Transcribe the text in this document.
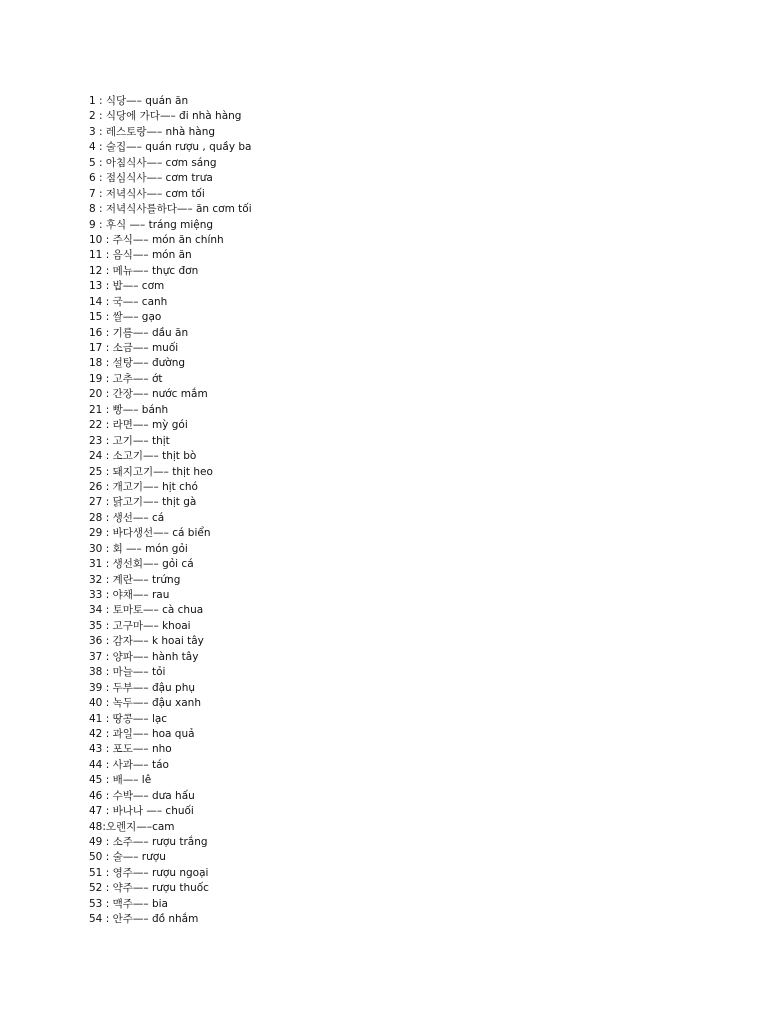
1 : 식당—– quán ăn
2 : 식당에 가다—– đi nhà hàng
3 : 레스토랑—– nhà hàng
4 : 술집—– quán rượu , quầy ba
5 : 아침식사—– cơm sáng
6 : 점심식사—– cơm trưa
7 : 저녁식사—– cơm tối
8 : 저녁식사를하다—– ăn cơm tối
9 : 후식 —– tráng miệng
10 : 주식—– món ăn chính
11 : 음식—– món ăn
12 : 메뉴—– thực đơn
13 : 밥—– cơm
14 : 국—– canh
15 : 쌀—– gạo
16 : 기름—– dầu ăn
17 : 소금—– muối
18 : 설탕—– đường
19 : 고추—– ớt
20 : 간장—– nước mắm
21 : 빵—– bánh
22 : 라면—– mỳ gói
23 : 고기—– thịt
24 : 소고기—– thịt bò
25 : 돼지고기—– thịt heo
26 : 개고기—– hịt chó
27 : 닭고기—– thịt gà
28 : 생선—– cá
29 : 바다생선—– cá biển
30 : 회 —– món gỏi
31 : 생선회—– gỏi cá
32 : 계란—– trứng
33 : 야채—– rau
34 : 토마토—– cà chua
35 : 고구마—– khoai
36 : 감자—– k hoai tây
37 : 양파—– hành tây
38 : 마늘—– tỏi
39 : 두부—– đậu phụ
40 : 녹두—– đậu xanh
41 : 땅콩—– lạc
42 : 과일—– hoa quả
43 : 포도—– nho
44 : 사과—– táo
45 : 배—– lê
46 : 수박—– dưa hấu
47 : 바나나 —– chuối
48:오렌지—–cam
49 : 소주—– rượu trắng
50 : 술—– rượu
51 : 영주—– rượu ngoại
52 : 약주—– rượu thuốc
53 : 맥주—– bia
54 : 안주—– đồ nhắm
